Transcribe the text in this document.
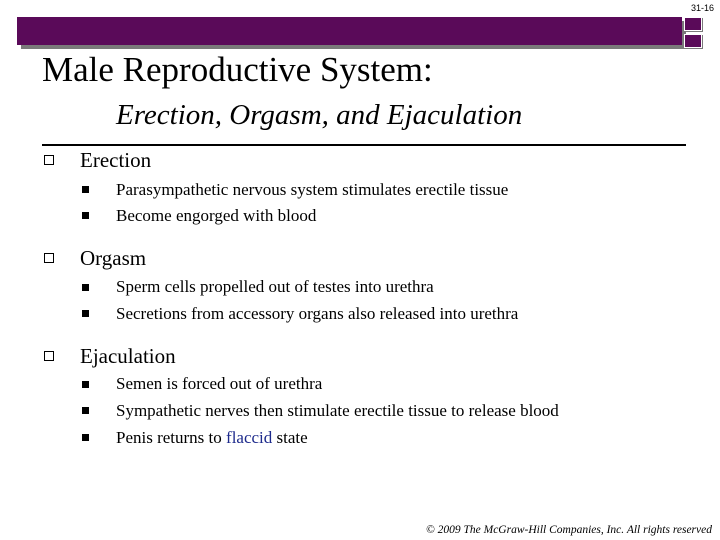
31-16
Male Reproductive System:
Erection, Orgasm, and Ejaculation
Erection
Parasympathetic nervous system stimulates erectile tissue
Become engorged with blood
Orgasm
Sperm cells propelled out of testes into urethra
Secretions from accessory organs also released into urethra
Ejaculation
Semen is forced out of urethra
Sympathetic nerves then stimulate erectile tissue to release blood
Penis returns to flaccid state
© 2009 The McGraw-Hill Companies, Inc. All rights reserved
